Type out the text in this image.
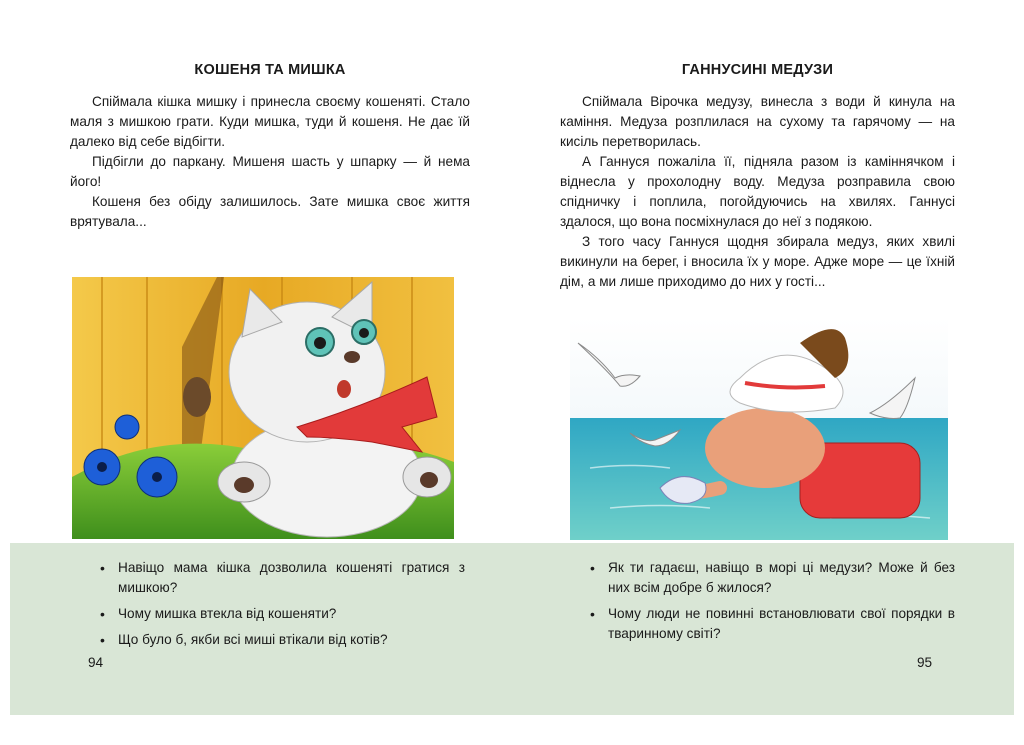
КОШЕНЯ ТА МИШКА

Спіймала кішка мишку і принесла своєму кошеняті. Стало маля з мишкою грати. Куди мишка, туди й кошеня. Не дає їй далеко від себе відбігти.

Підбігли до паркану. Мишеня шасть у шпарку — й нема його!

Кошеня без обіду залишилось. Зате мишка своє життя врятувала...

• Навіщо мама кішка дозволила кошеняті гратися з мишкою?
• Чому мишка втекла від кошеняти?
• Що було б, якби всі миші втікали від котів?
94
ГАННУСИНІ МЕДУЗИ

Спіймала Вірочка медузу, винесла з води й кинула на каміння. Медуза розплилася на сухому та гарячому — на кисіль перетворилась.

А Ганнуся пожаліла її, підняла разом із каміннячком і віднесла у прохолодну воду. Медуза розправила свою спідничку і поплила, погойдуючись на хвилях. Ганнусі здалося, що вона посміхнулася до неї з подякою.

З того часу Ганнуся щодня збирала медуз, яких хвилі викинули на берег, і вносила їх у море. Адже море — це їхній дім, а ми лише приходимо до них у гості...

• Як ти гадаєш, навіщо в морі ці медузи? Може й без них всім добре б жилося?
• Чому люди не повинні встановлювати свої порядки в тваринному світі?
95
